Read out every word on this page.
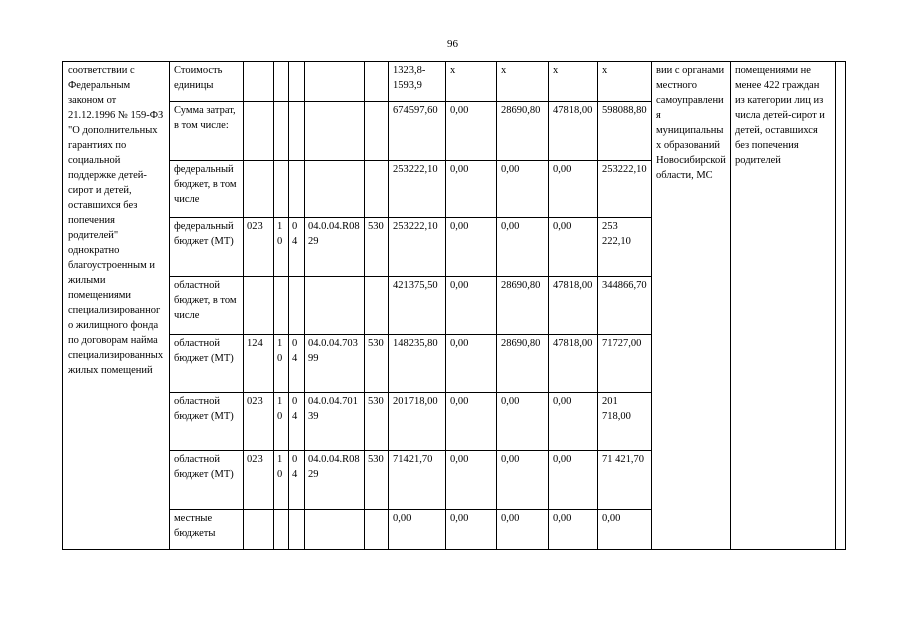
96
соответствии с Федеральным законом от 21.12.1996 № 159-ФЗ "О дополнительных гарантиях по социальной поддержке детей-сирот и детей, оставшихся без попечения родителей" однократно благоустроенным и жилыми помещениями специализированного жилищного фонда по договорам найма специализированных жилых помещений	Стоимость единицы						1323,8-1593,9	х	х	х	х	вии с органами местного самоуправления муниципальных образований Новосибирской области, МС	помещениями не менее 422 граждан из категории лиц из числа детей-сирот и детей, оставшихся без попечения родителей	
	Сумма затрат, в том числе:						674597,60	0,00	28690,80	47818,00	598088,80			
	федеральный бюджет, в том числе						253222,10	0,00	0,00	0,00	253222,10			
	федеральный бюджет (МТ)	023	10	04	04.0.04.R0829	530	253222,10	0,00	0,00	0,00	253 222,10			
	областной бюджет, в том числе						421375,50	0,00	28690,80	47818,00	344866,70			
	областной бюджет (МТ)	124	10	04	04.0.04.70399	530	148235,80	0,00	28690,80	47818,00	71727,00			
	областной бюджет (МТ)	023	10	04	04.0.04.70139	530	201718,00	0,00	0,00	0,00	201 718,00			
	областной бюджет (МТ)	023	10	04	04.0.04.R0829	530	71421,70	0,00	0,00	0,00	71 421,70			
	местные бюджеты						0,00	0,00	0,00	0,00	0,00			
